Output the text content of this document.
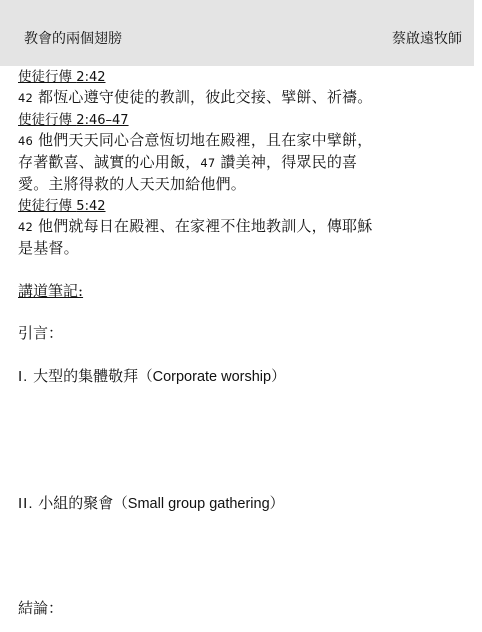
教會的兩個翅膀	蔡啟遠牧師
使徒行傳 2:42
42 都恆心遵守使徒的教訓，彼此交接、擘餅、祈禱。
使徒行傳 2:46–47
46 他們天天同心合意恆切地在殿裡，且在家中擘餅，
存著歡喜、誠實的心用飯，47 讚美神，得眾民的喜
愛。主將得救的人天天加給他們。
使徒行傳 5:42
42 他們就每日在殿裡、在家裡不住地教訓人，傳耶穌
是基督。
講道筆記:
引言：
I. 大型的集體敬拜（Corporate worship）
II. 小組的聚會（Small group gathering）
結論：
